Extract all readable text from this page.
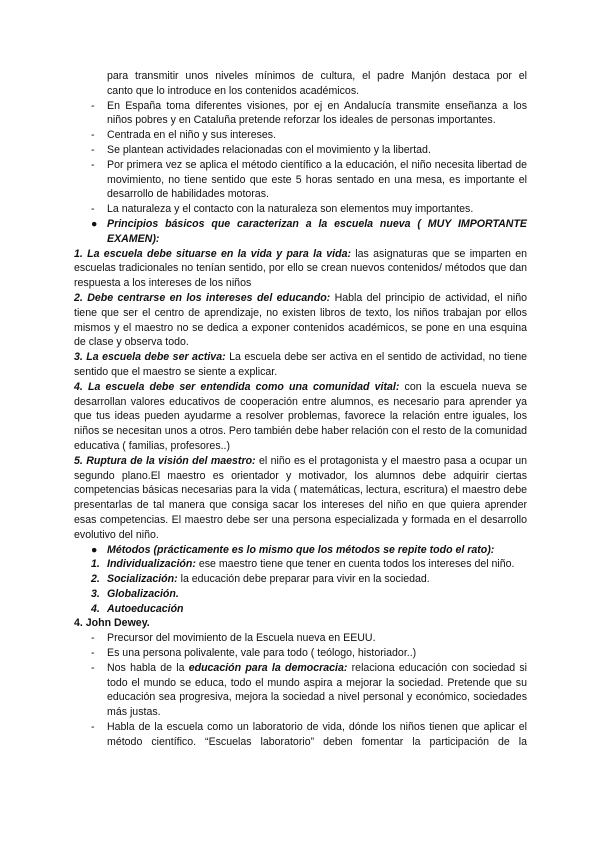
para transmitir unos niveles mínimos de cultura, el padre Manjón destaca por el

canto que lo introduce en los contenidos académicos.

-	En España toma diferentes visiones, por ej en Andalucía transmite enseñanza a los niños pobres y en Cataluña pretende reforzar los ideales de personas importantes.
-	Centrada en el niño y sus intereses.
-	Se plantean actividades relacionadas con el movimiento y la libertad.
-	Por primera vez se aplica el método científico a la educación, el niño necesita libertad de movimiento, no tiene sentido que este 5 horas sentado en una mesa, es importante el desarrollo de habilidades motoras.
-	La naturaleza y el contacto con la naturaleza son elementos muy importantes.
● Principios básicos que caracterizan a la escuela nueva ( MUY IMPORTANTE EXAMEN):

1. La escuela debe situarse en la vida y para la vida: las asignaturas que se imparten en escuelas tradicionales no tenían sentido, por ello se crean nuevos contenidos/ métodos que dan respuesta a los intereses de los niños

2. Debe centrarse en los intereses del educando: Habla del principio de actividad, el niño tiene que ser el centro de aprendizaje, no existen libros de texto, los niños trabajan por ellos mismos y el maestro no se dedica a exponer contenidos académicos, se pone en una esquina de clase y observa todo.

3. La escuela debe ser activa: La escuela debe ser activa en el sentido de actividad, no tiene sentido que el maestro se siente a explicar.

4. La escuela debe ser entendida como una comunidad vital: con la escuela nueva se desarrollan valores educativos de cooperación entre alumnos, es necesario para aprender ya que tus ideas pueden ayudarme a resolver problemas, favorece la relación entre iguales, los niños se necesitan unos a otros. Pero también debe haber relación con el resto de la comunidad educativa ( familias, profesores..)

5. Ruptura de la visión del maestro: el niño es el protagonista y el maestro pasa a ocupar un segundo plano.El maestro es orientador y motivador, los alumnos debe adquirir ciertas competencias básicas necesarias para la vida ( matemáticas, lectura, escritura) el maestro debe presentarlas de tal manera que consiga sacar los intereses del niño en que quiera aprender esas competencias. El maestro debe ser una persona especializada y formada en el desarrollo evolutivo del niño.

● Métodos (prácticamente es lo mismo que los métodos se repite todo el rato):
1. Individualización: ese maestro tiene que tener en cuenta todos los intereses del niño.
2. Socialización: la educación debe preparar para vivir en la sociedad.
3. Globalización.
4. Autoeducación

4. John Dewey.

-	Precursor del movimiento de la Escuela nueva en EEUU.
-	Es una persona polivalente, vale para todo ( teólogo, historiador..)
-	Nos habla de la educación para la democracia: relaciona educación con sociedad si todo el mundo se educa, todo el mundo aspira a mejorar la sociedad. Pretende que su educación sea progresiva, mejora la sociedad a nivel personal y económico, sociedades más justas.
-	Habla de la escuela como un laboratorio de vida, dónde los niños tienen que aplicar el método científico. “Escuelas laboratorio” deben fomentar la participación de la
